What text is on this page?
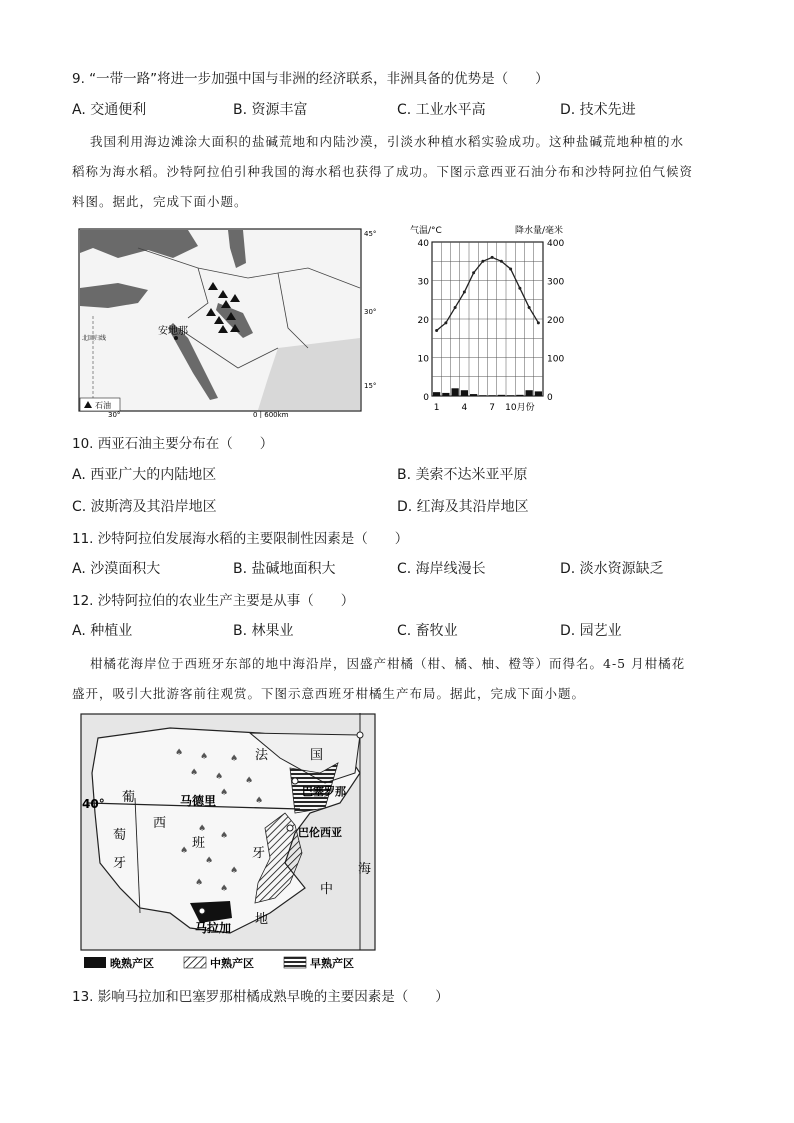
9. “一带一路”将进一步加强中国与非洲的经济联系，非洲具备的优势是（　　）
A. 交通便利	B. 资源丰富	C. 工业水平高	D. 技术先进
我国利用海边滩涂大面积的盐碱荒地和内陆沙漠，引淡水种植水稻实验成功。这种盐碱荒地种植的水
稻称为海水稻。沙特阿拉伯引种我国的海水稻也获得了成功。下图示意西亚石油分布和沙特阿拉伯气候资
料图。据此，完成下面小题。
安地那
北回归线
45°
30°
15°
石油
30°	0 | 600km
气温/°C	降水量/毫米
40
30
20
10
0
400
300
200
100
0
1 4 7 10月份
10. 西亚石油主要分布在（　　）
A. 西亚广大的内陆地区	B. 美索不达米亚平原
C. 波斯湾及其沿岸地区	D. 红海及其沿岸地区
11. 沙特阿拉伯发展海水稻的主要限制性因素是（　　）
A. 沙漠面积大	B. 盐碱地面积大	C. 海岸线漫长	D. 淡水资源缺乏
12. 沙特阿拉伯的农业生产主要是从事（　　）
A. 种植业	B. 林果业	C. 畜牧业	D. 园艺业
柑橘花海岸位于西班牙东部的地中海沿岸，因盛产柑橘（柑、橘、柚、橙等）而得名。4-5 月柑橘花
盛开，吸引大批游客前往观赏。下图示意西班牙柑橘生产布局。据此，完成下面小题。
♠ ♠ ♠
♠ ♠ ♠
♠
♠
♠
♠
♠
♠
♠
♠
♠
法	国
葡
萄
牙
西
班
牙
海
中
地
马德里
巴塞罗那
巴伦西亚
马拉加
40°
晚熟产区	中熟产区	早熟产区
13. 影响马拉加和巴塞罗那柑橘成熟早晚的主要因素是（　　）
